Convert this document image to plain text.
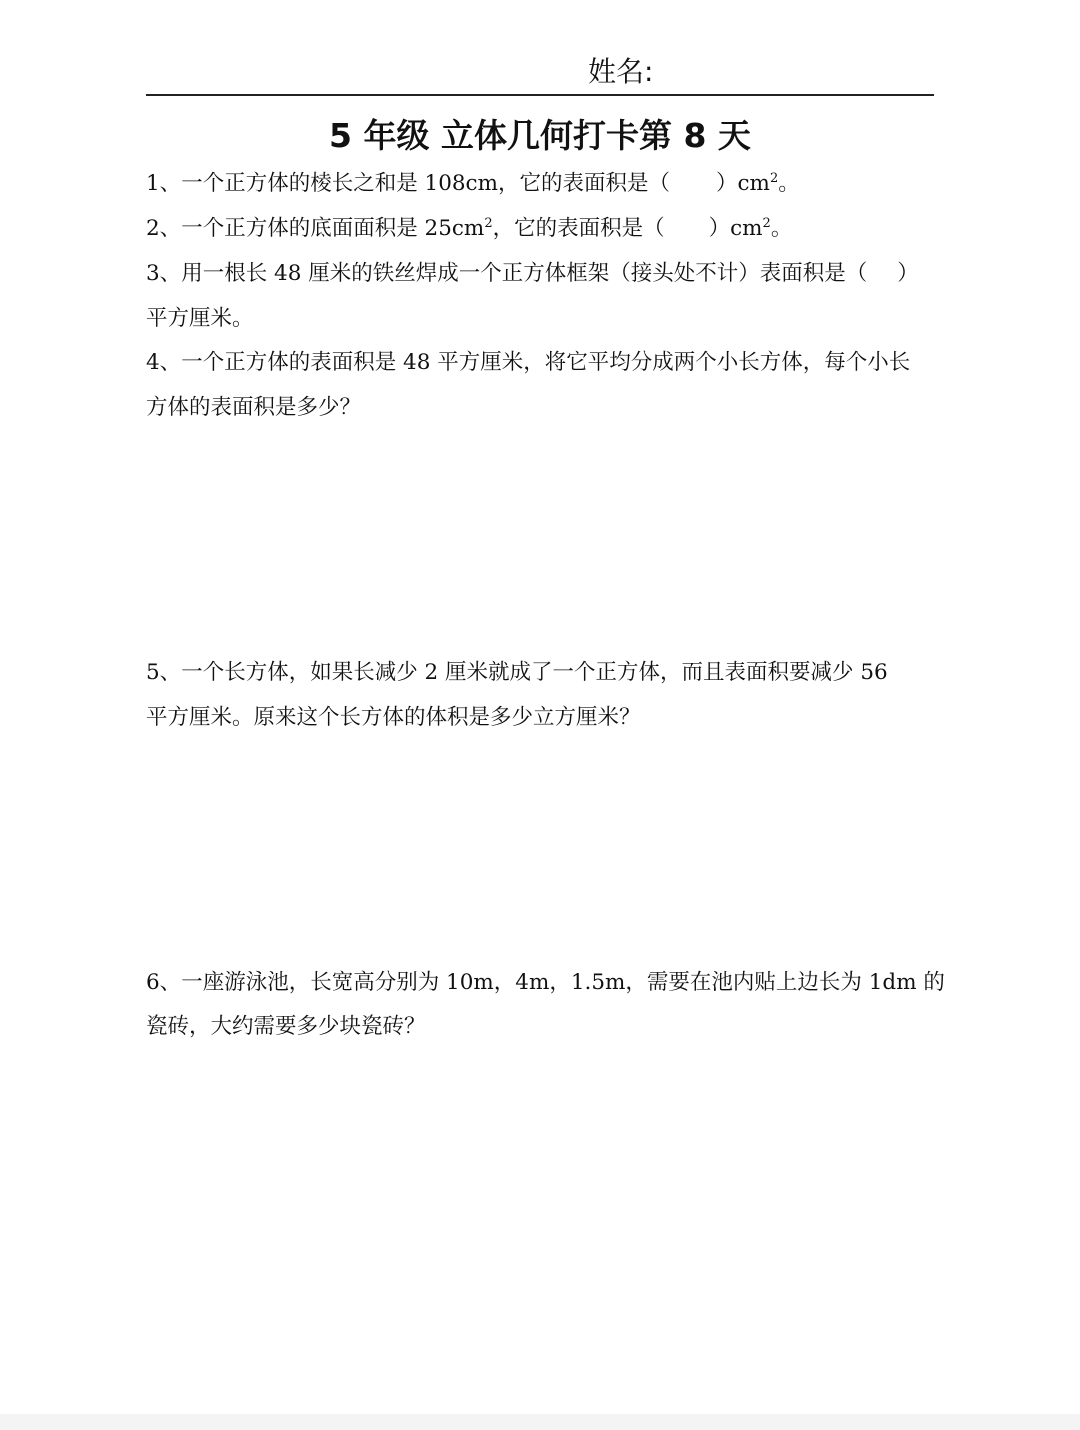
姓名:
5 年级 立体几何打卡第 8 天
1、一个正方体的棱长之和是 108cm，它的表面积是（ ）$cm^2$。
2、一个正方体的底面面积是 $25cm^2$，它的表面积是（ ）$cm^2$。
3、用一根长 48 厘米的铁丝焊成一个正方体框架（接头处不计）表面积是（ ）
平方厘米。
4、一个正方体的表面积是 48 平方厘米，将它平均分成两个小长方体，每个小长
方体的表面积是多少？
5、一个长方体，如果长减少 2 厘米就成了一个正方体，而且表面积要减少 56
平方厘米。原来这个长方体的体积是多少立方厘米？
6、一座游泳池，长宽高分别为 10m，4m，1.5m，需要在池内贴上边长为 1dm 的
瓷砖，大约需要多少块瓷砖？
